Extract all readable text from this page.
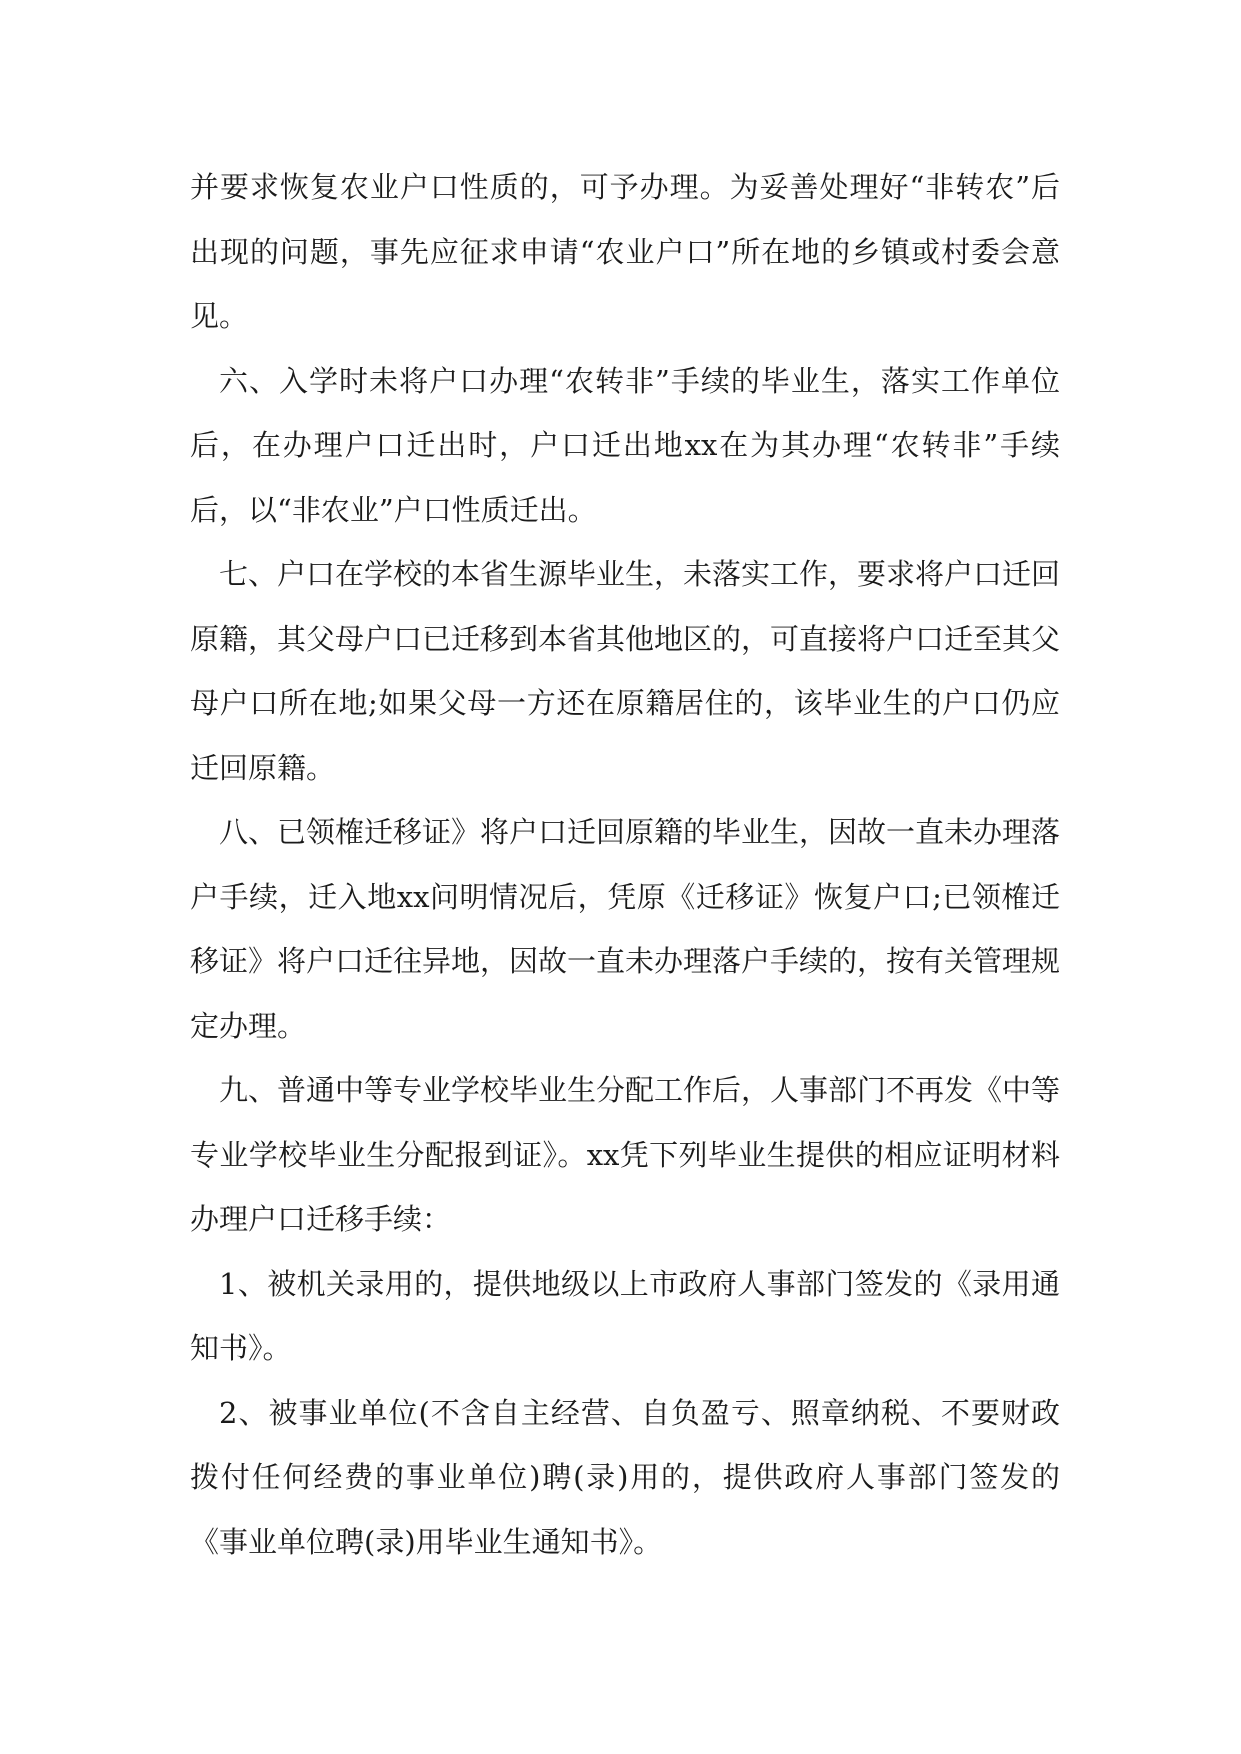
并要求恢复农业户口性质的，可予办理。为妥善处理好“非转农”后出现的问题，事先应征求申请“农业户口”所在地的乡镇或村委会意见。

六、入学时未将户口办理“农转非”手续的毕业生，落实工作单位后，在办理户口迁出时，户口迁出地xx在为其办理“农转非”手续后，以“非农业”户口性质迁出。

七、户口在学校的本省生源毕业生，未落实工作，要求将户口迁回原籍，其父母户口已迁移到本省其他地区的，可直接将户口迁至其父母户口所在地;如果父母一方还在原籍居住的，该毕业生的户口仍应迁回原籍。

八、已领榷迁移证》将户口迁回原籍的毕业生，因故一直未办理落户手续，迁入地xx问明情况后，凭原《迁移证》恢复户口;已领榷迁移证》将户口迁往异地，因故一直未办理落户手续的，按有关管理规定办理。

九、普通中等专业学校毕业生分配工作后，人事部门不再发《中等专业学校毕业生分配报到证》。xx凭下列毕业生提供的相应证明材料办理户口迁移手续：

1、被机关录用的，提供地级以上市政府人事部门签发的《录用通知书》。

2、被事业单位(不含自主经营、自负盈亏、照章纳税、不要财政拨付任何经费的事业单位)聘(录)用的，提供政府人事部门签发的《事业单位聘(录)用毕业生通知书》。
